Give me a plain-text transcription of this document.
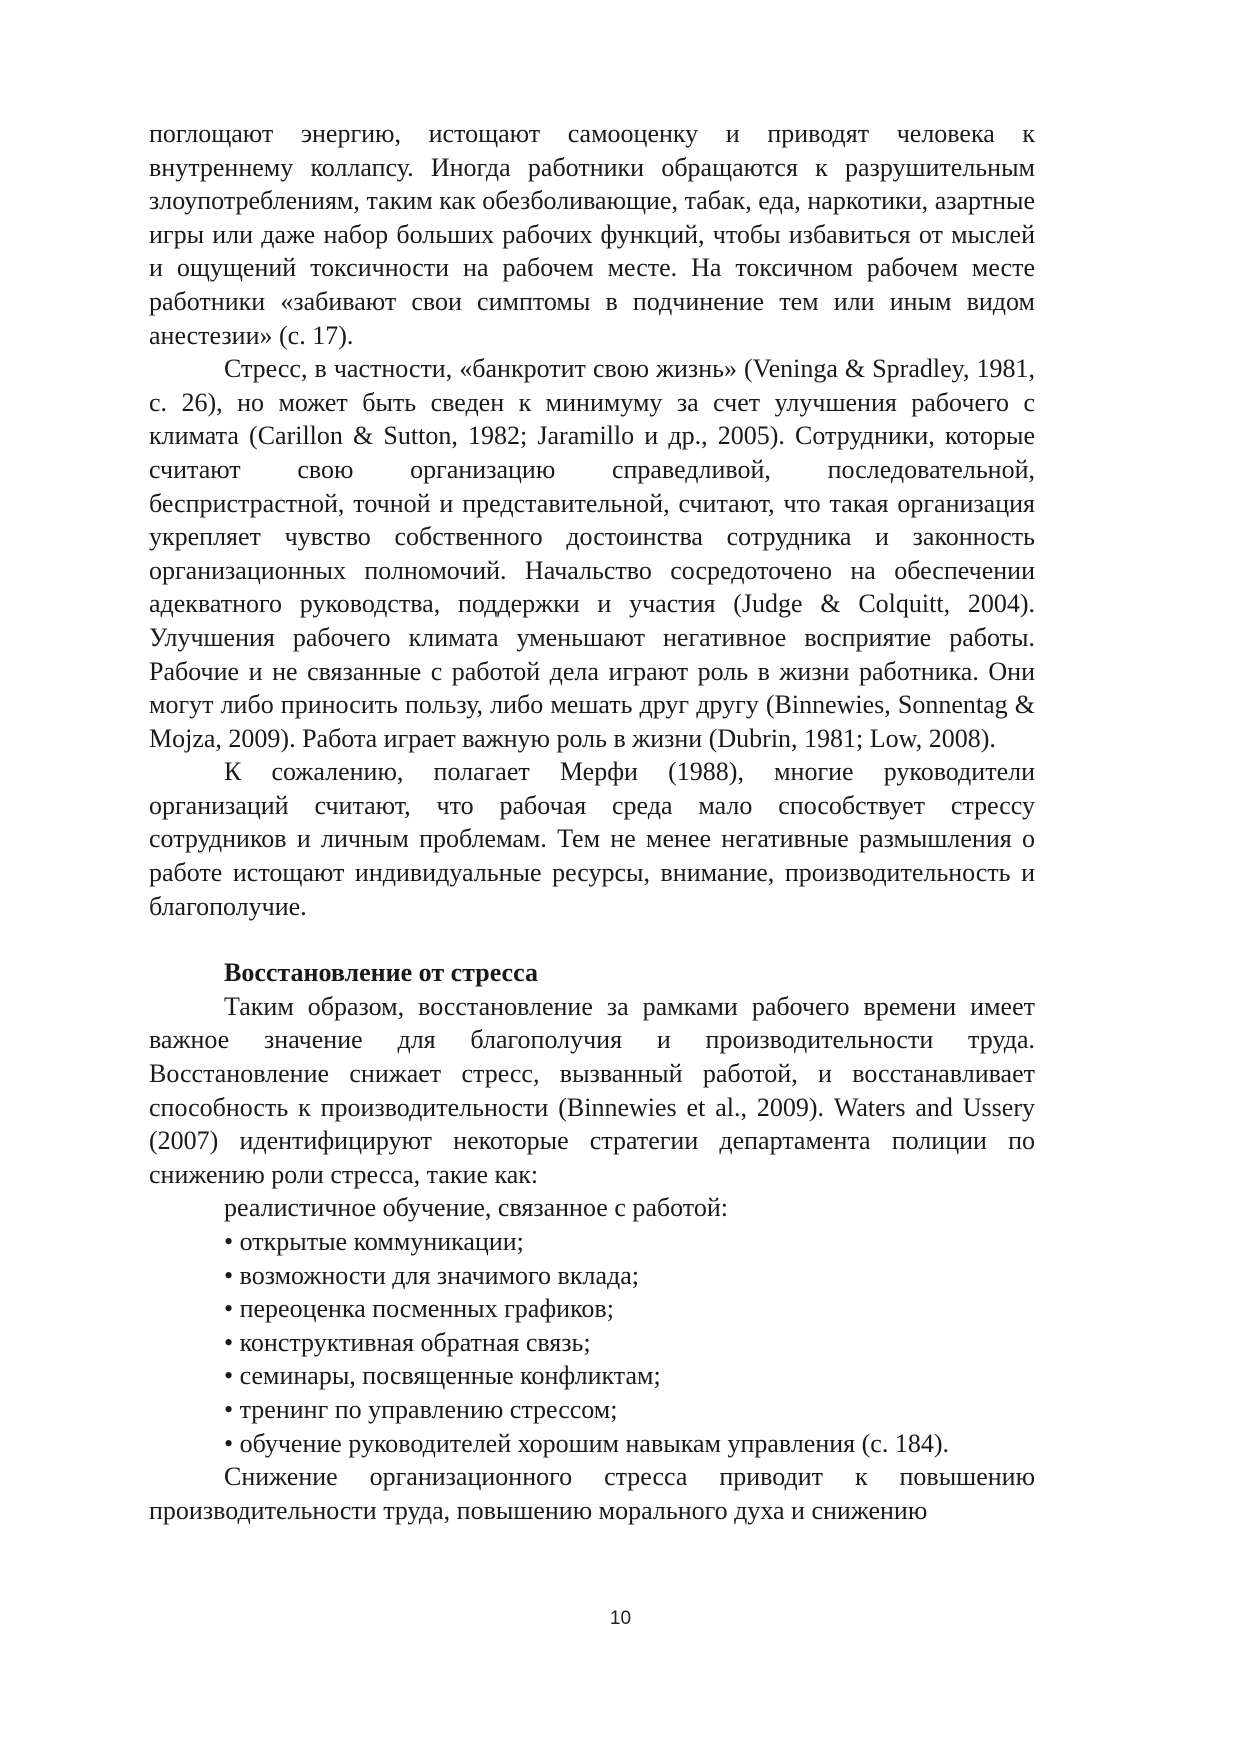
поглощают энергию, истощают самооценку и приводят человека к внутреннему коллапсу. Иногда работники обращаются к разрушительным злоупотреблениям, таким как обезболивающие, табак, еда, наркотики, азартные игры или даже набор больших рабочих функций, чтобы избавиться от мыслей и ощущений токсичности на рабочем месте. На токсичном рабочем месте работники «забивают свои симптомы в подчинение тем или иным видом анестезии» (с. 17).

Стресс, в частности, «банкротит свою жизнь» (Veninga & Spradley, 1981, с. 26), но может быть сведен к минимуму за счет улучшения рабочего с климата (Carillon & Sutton, 1982; Jaramillo и др., 2005). Сотрудники, которые считают свою организацию справедливой, последовательной, беспристрастной, точной и представительной, считают, что такая организация укрепляет чувство собственного достоинства сотрудника и законность организационных полномочий. Начальство сосредоточено на обеспечении адекватного руководства, поддержки и участия (Judge & Colquitt, 2004). Улучшения рабочего климата уменьшают негативное восприятие работы. Рабочие и не связанные с работой дела играют роль в жизни работника. Они могут либо приносить пользу, либо мешать друг другу (Binnewies, Sonnentag & Mojza, 2009). Работа играет важную роль в жизни (Dubrin, 1981; Low, 2008).

К сожалению, полагает Мерфи (1988), многие руководители организаций считают, что рабочая среда мало способствует стрессу сотрудников и личным проблемам. Тем не менее негативные размышления о работе истощают индивидуальные ресурсы, внимание, производительность и благополучие.

Восстановление от стресса

Таким образом, восстановление за рамками рабочего времени имеет важное значение для благополучия и производительности труда. Восстановление снижает стресс, вызванный работой, и восстанавливает способность к производительности (Binnewies et al., 2009). Waters and Ussery (2007) идентифицируют некоторые стратегии департамента полиции по снижению роли стресса, такие как:

реалистичное обучение, связанное с работой:

• открытые коммуникации;

• возможности для значимого вклада;

• переоценка посменных графиков;

• конструктивная обратная связь;

• семинары, посвященные конфликтам;

• тренинг по управлению стрессом;

• обучение руководителей хорошим навыкам управления (с. 184).

Снижение организационного стресса приводит к повышению производительности труда, повышению морального духа и снижению

10
